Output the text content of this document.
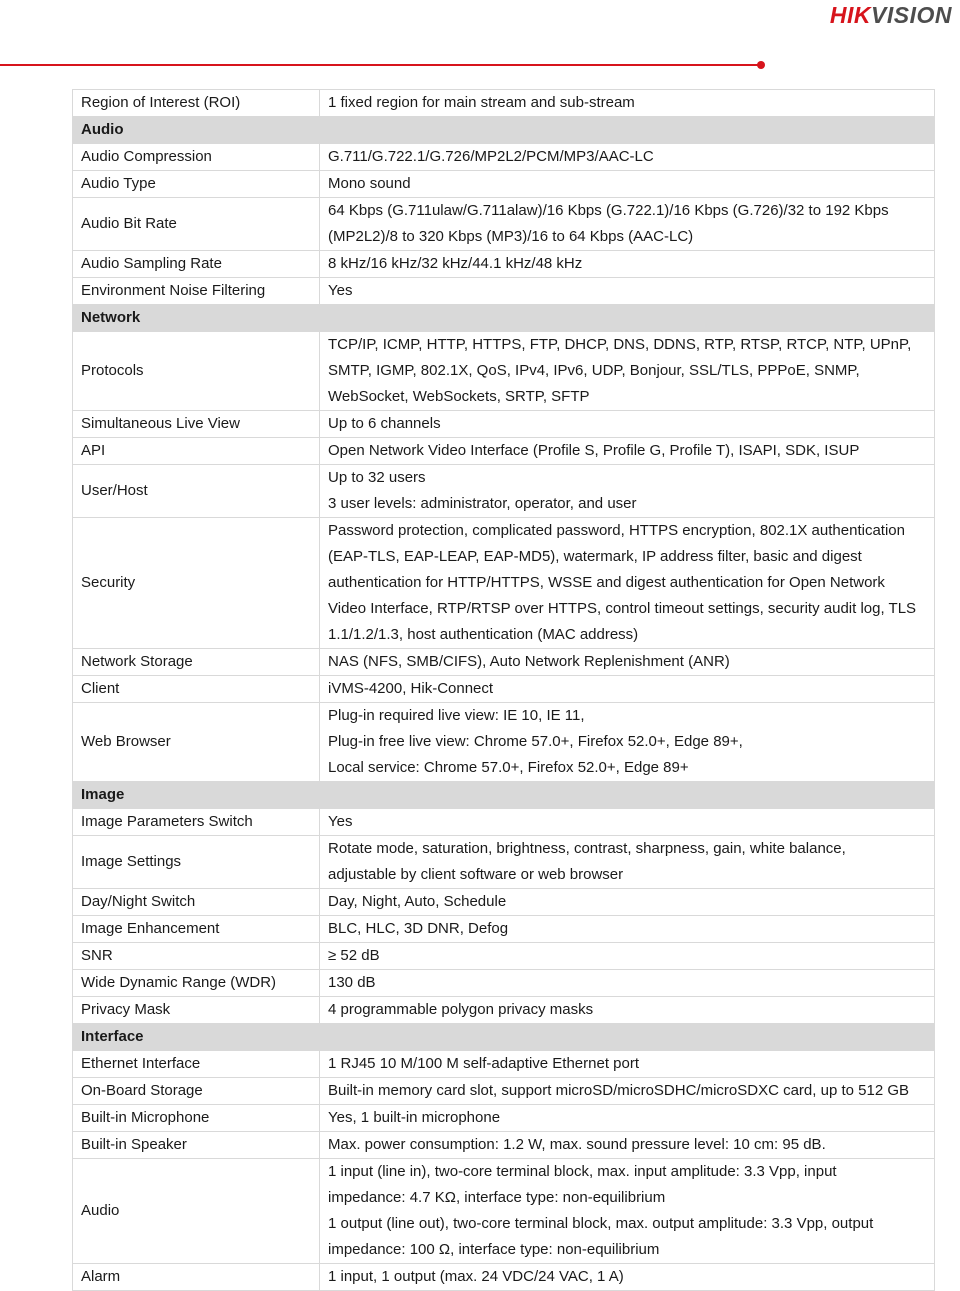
HIKVISION
Region of Interest (ROI)	1 fixed region for main stream and sub-stream

Audio	
Audio Compression	G.711/G.722.1/G.726/MP2L2/PCM/MP3/AAC-LC

Audio Type	Mono sound

Audio Bit Rate	64 Kbps (G.711ulaw/G.711alaw)/16 Kbps (G.722.1)/16 Kbps (G.726)/32 to 192 Kbps
(MP2L2)/8 to 320 Kbps (MP3)/16 to 64 Kbps (AAC-LC)

Audio Sampling Rate	8 kHz/16 kHz/32 kHz/44.1 kHz/48 kHz

Environment Noise Filtering	Yes

Network	
Protocols	TCP/IP, ICMP, HTTP, HTTPS, FTP, DHCP, DNS, DDNS, RTP, RTSP, RTCP, NTP, UPnP,
SMTP, IGMP, 802.1X, QoS, IPv4, IPv6, UDP, Bonjour, SSL/TLS, PPPoE, SNMP,
WebSocket, WebSockets, SRTP, SFTP

Simultaneous Live View	Up to 6 channels

API	Open Network Video Interface (Profile S, Profile G, Profile T), ISAPI, SDK, ISUP

User/Host	Up to 32 users
3 user levels: administrator, operator, and user

Security	Password protection, complicated password, HTTPS encryption, 802.1X authentication
(EAP-TLS, EAP-LEAP, EAP-MD5), watermark, IP address filter, basic and digest
authentication for HTTP/HTTPS, WSSE and digest authentication for Open Network
Video Interface, RTP/RTSP over HTTPS, control timeout settings, security audit log, TLS
1.1/1.2/1.3, host authentication (MAC address)

Network Storage	NAS (NFS, SMB/CIFS), Auto Network Replenishment (ANR)

Client	iVMS-4200, Hik-Connect

Web Browser	Plug-in required live view: IE 10, IE 11,
Plug-in free live view: Chrome 57.0+, Firefox 52.0+, Edge 89+,
Local service: Chrome 57.0+, Firefox 52.0+, Edge 89+

Image	
Image Parameters Switch	Yes

Image Settings	Rotate mode, saturation, brightness, contrast, sharpness, gain, white balance,
adjustable by client software or web browser

Day/Night Switch	Day, Night, Auto, Schedule

Image Enhancement	BLC, HLC, 3D DNR, Defog

SNR	≥ 52 dB

Wide Dynamic Range (WDR)	130 dB

Privacy Mask	4 programmable polygon privacy masks

Interface	
Ethernet Interface	1 RJ45 10 M/100 M self-adaptive Ethernet port

On-Board Storage	Built-in memory card slot, support microSD/microSDHC/microSDXC card, up to 512 GB

Built-in Microphone	Yes, 1 built-in microphone

Built-in Speaker	Max. power consumption: 1.2 W, max. sound pressure level: 10 cm: 95 dB.

Audio	1 input (line in), two-core terminal block, max. input amplitude: 3.3 Vpp, input
impedance: 4.7 KΩ, interface type: non-equilibrium
1 output (line out), two-core terminal block, max. output amplitude: 3.3 Vpp, output
impedance: 100 Ω, interface type: non-equilibrium

Alarm	1 input, 1 output (max. 24 VDC/24 VAC, 1 A)
